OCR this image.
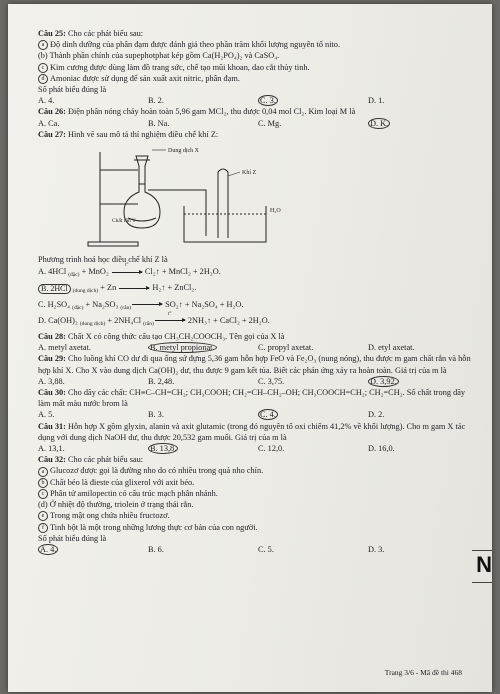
Câu 25: Cho các phát biểu sau:

a Độ dinh dưỡng của phân đạm được đánh giá theo phần trăm khối lượng nguyên tố nito.

(b) Thành phần chính của supephotphat kép gồm Ca(H₂PO₄)₂ và CaSO₄.

c Kim cương được dùng làm đồ trang sức, chế tạo mũi khoan, dao cắt thủy tinh.

d Amoniac được sử dụng để sản xuất axit nitric, phân đạm.

Số phát biểu đúng là

A. 4.	B. 2.	C. 3.	D. 1.

Câu 26: Điện phân nóng chảy hoàn toàn 5,96 gam MCl₂, thu được 0,04 mol Cl₂. Kim loại M là

A. Ca.	B. Na.	C. Mg.	D. K.

Câu 27: Hình vẽ sau mô tả thí nghiệm điều chế khí Z:

Dung dịch X
Khí Z
Chất rắn Y
H₂O

Phương trình hoá học điều chế khí Z là

A. 4HCl $_{(đặc)}$ + MnO₂
t°
Cl₂↑ + MnCl₂ + 2H₂O.

B. 2HCl$_{(dung dịch)}$ + Zn → H₂↑ + ZnCl₂.

C. H₂SO₄ $_{(đặc)}$ + Na₂SO₃ $_{(rắn)}$→ SO₂↑ + Na₂SO₄ + H₂O.

D. Ca(OH)₂ $_{(dung dịch)}$ + 2NH₄Cl $_{(rắn)}$
t°
2NH₃↑ + CaCl₂ + 2H₂O.

Câu 28: Chất X có công thức cấu tạo CH₃CH₂COOCH₃. Tên gọi của X là

A. metyl axetat.	B. metyl propionat.	C. propyl axetat.	D. etyl axetat.

Câu 29: Cho luồng khí CO dư đi qua ống sứ đựng 5,36 gam hỗn hợp FeO và Fe₂O₃ (nung nóng), thu được m gam chất rắn và hỗn hợp khí X. Cho X vào dung dịch Ca(OH)₂ dư, thu được 9 gam kết tủa. Biết các phản ứng xảy ra hoàn toàn. Giá trị của m là

A. 3,88.	B. 2,48.	C. 3,75.	D. 3,92.

Câu 30: Cho dãy các chất: CH≡C–CH=CH₂; CH₃COOH; CH₂=CH–CH₂–OH; CH₃COOCH=CH₂; CH₂=CH₂. Số chất trong dãy làm mất màu nước brom là

A. 5.	B. 3.	C. 4.	D. 2.

Câu 31: Hỗn hợp X gồm glyxin, alanin và axit glutamic (trong đó nguyên tố oxi chiếm 41,2% về khối lượng). Cho m gam X tác dụng với dung dịch NaOH dư, thu được 20,532 gam muối. Giá trị của m là

A. 13,1.	B. 13,8.	C. 12,0.	D. 16,0.

Câu 32: Cho các phát biểu sau:

a Glucozơ được gọi là đường nho do có nhiều trong quả nho chín.

b Chất béo là đieste của glixerol với axit béo.

c Phân tử amilopectin có cấu trúc mạch phân nhánh.

(d) Ở nhiệt độ thường, triolein ở trạng thái rắn.

e Trong mật ong chứa nhiều fructozơ.

f Tinh bột là một trong những lương thực cơ bản của con người.

Số phát biểu đúng là

A. 4.	B. 6.	C. 5.	D. 3.
N
Trang 3/6 - Mã đề thi 468
